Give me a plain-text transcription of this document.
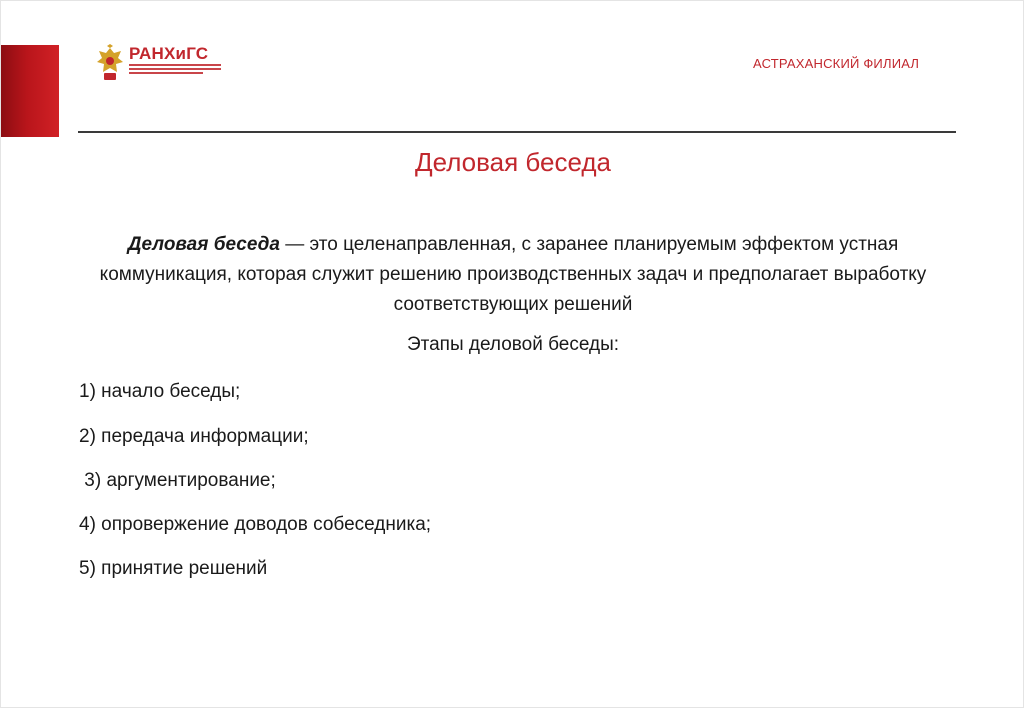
РАНХиГС
АСТРАХАНСКИЙ ФИЛИАЛ
Деловая беседа
Деловая беседа — это целенаправленная, с заранее планируемым эффектом устная коммуникация, которая служит решению производственных задач и предполагает выработку соответствующих решений
Этапы деловой беседы:
1) начало беседы;
2) передача информации;
3) аргументирование;
4) опровержение доводов собеседника;
5) принятие решений
